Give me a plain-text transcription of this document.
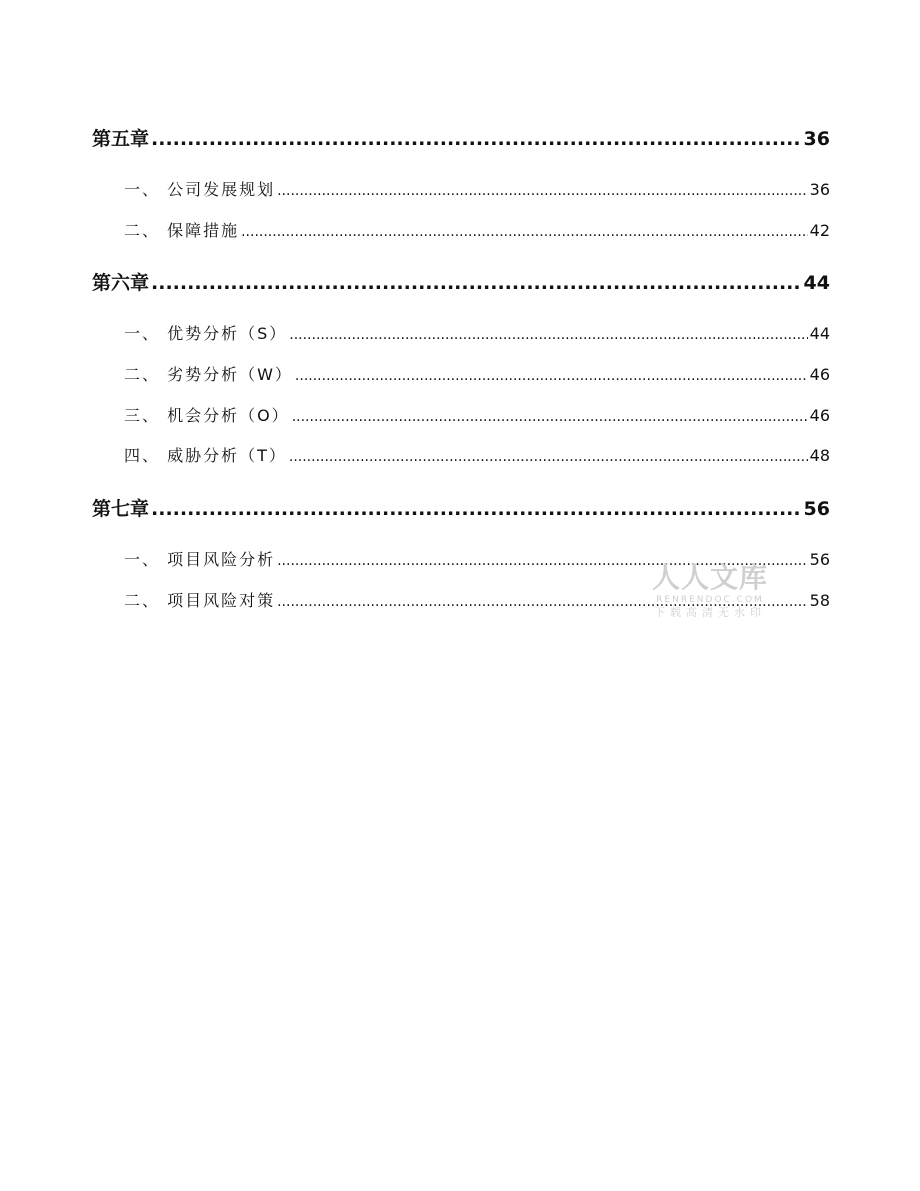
第五章 .....	36
一、 公司发展规划 .....	36
二、 保障措施 .....	42
第六章 .....	44
一、 优势分析（S） .....	44
二、 劣势分析（W） .....	46
三、 机会分析（O） .....	46
四、 威胁分析（T） .....	48
第七章 .....	56
一、 项目风险分析 .....	56
二、 项目风险对策 .....	58
人人文库
RENRENDOC.COM
下载高清无水印
